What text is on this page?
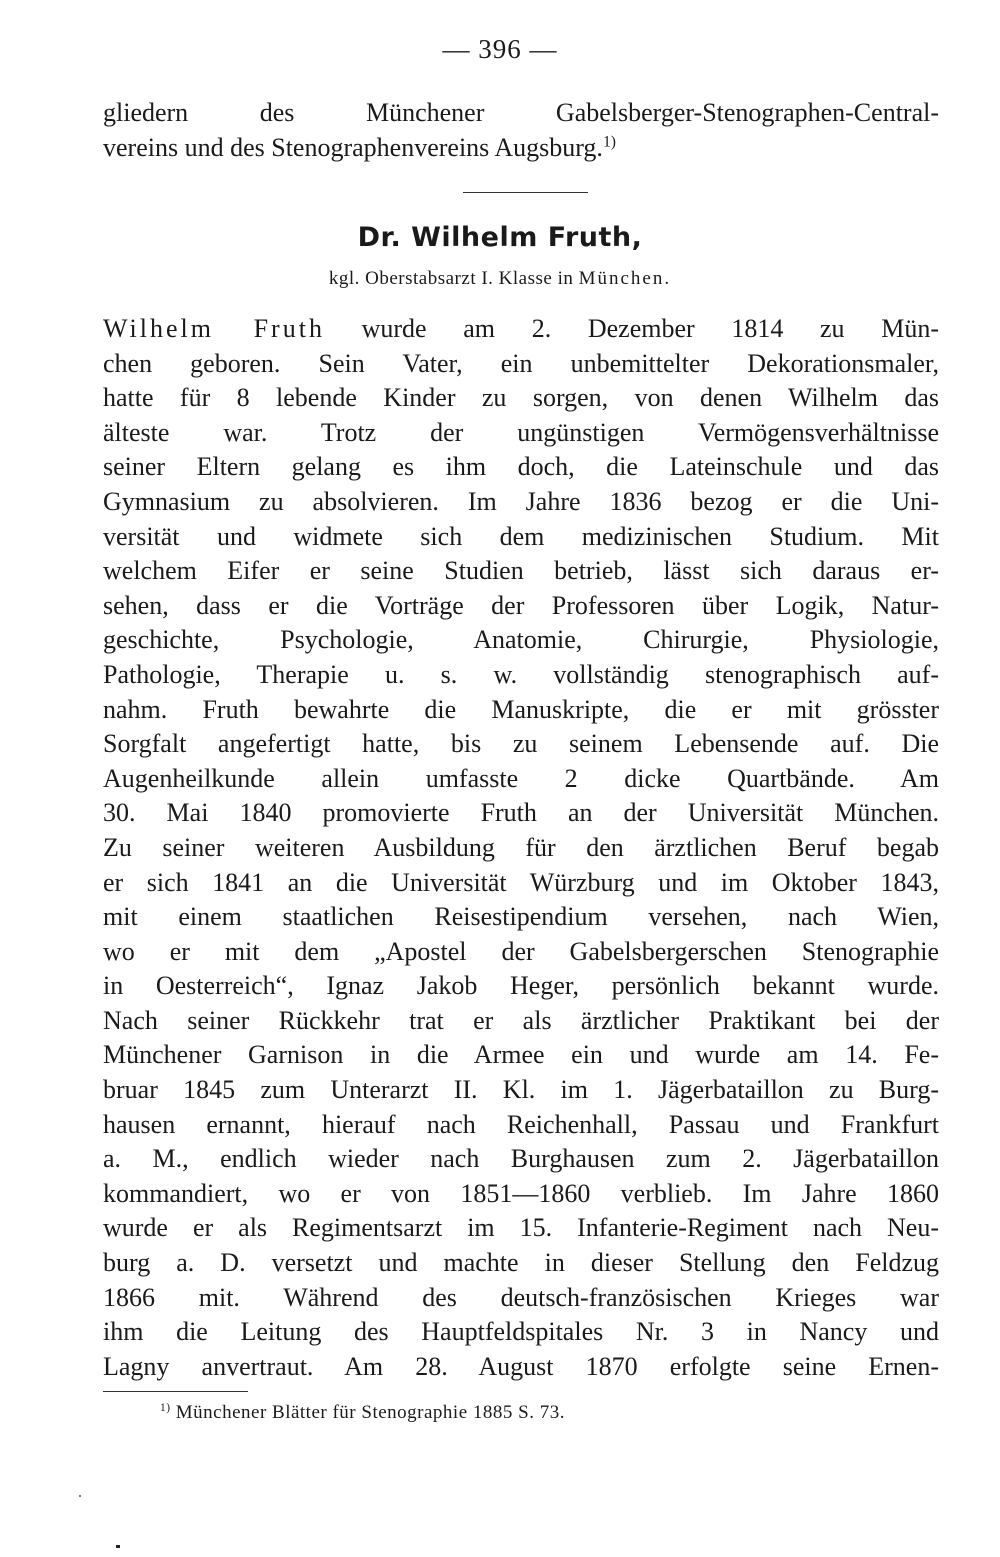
— 396 —
gliedern des Münchener Gabelsberger-Stenographen-Central-
vereins und des Stenographenvereins Augsburg.$^{1)}$
Dr. Wilhelm Fruth,
kgl. Oberstabsarzt I. Klasse in München.
Wilhelm Fruth wurde am 2. Dezember 1814 zu Mün-
chen geboren. Sein Vater, ein unbemittelter Dekorationsmaler,
hatte für 8 lebende Kinder zu sorgen, von denen Wilhelm das
älteste war. Trotz der ungünstigen Vermögensverhältnisse
seiner Eltern gelang es ihm doch, die Lateinschule und das
Gymnasium zu absolvieren. Im Jahre 1836 bezog er die Uni-
versität und widmete sich dem medizinischen Studium. Mit
welchem Eifer er seine Studien betrieb, lässt sich daraus er-
sehen, dass er die Vorträge der Professoren über Logik, Natur-
geschichte, Psychologie, Anatomie, Chirurgie, Physiologie,
Pathologie, Therapie u. s. w. vollständig stenographisch auf-
nahm. Fruth bewahrte die Manuskripte, die er mit grösster
Sorgfalt angefertigt hatte, bis zu seinem Lebensende auf. Die
Augenheilkunde allein umfasste 2 dicke Quartbände. Am
30. Mai 1840 promovierte Fruth an der Universität München.
Zu seiner weiteren Ausbildung für den ärztlichen Beruf begab
er sich 1841 an die Universität Würzburg und im Oktober 1843,
mit einem staatlichen Reisestipendium versehen, nach Wien,
wo er mit dem „Apostel der Gabelsbergerschen Stenographie
in Oesterreich“, Ignaz Jakob Heger, persönlich bekannt wurde.
Nach seiner Rückkehr trat er als ärztlicher Praktikant bei der
Münchener Garnison in die Armee ein und wurde am 14. Fe-
bruar 1845 zum Unterarzt II. Kl. im 1. Jägerbataillon zu Burg-
hausen ernannt, hierauf nach Reichenhall, Passau und Frankfurt
a. M., endlich wieder nach Burghausen zum 2. Jägerbataillon
kommandiert, wo er von 1851—1860 verblieb. Im Jahre 1860
wurde er als Regimentsarzt im 15. Infanterie-Regiment nach Neu-
burg a. D. versetzt und machte in dieser Stellung den Feldzug
1866 mit. Während des deutsch-französischen Krieges war
ihm die Leitung des Hauptfeldspitales Nr. 3 in Nancy und
Lagny anvertraut. Am 28. August 1870 erfolgte seine Ernen-
$^{1)}$ Münchener Blätter für Stenographie 1885 S. 73.
